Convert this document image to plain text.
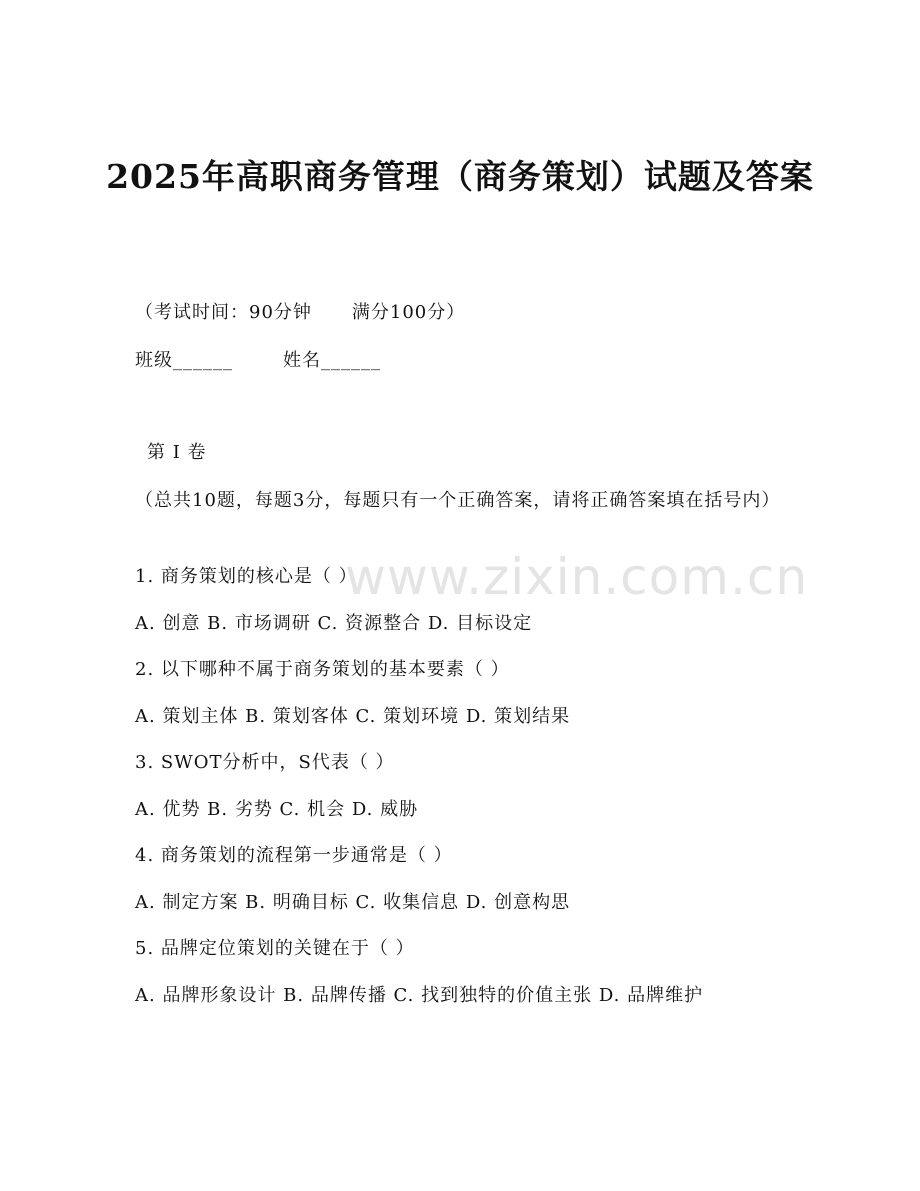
2025年高职商务管理（商务策划）试题及答案
（考试时间：90分钟 满分100分）
班级______	姓名______
第 I 卷
（总共10题，每题3分，每题只有一个正确答案，请将正确答案填在括号内）
1. 商务策划的核心是（ ）
A. 创意 B. 市场调研 C. 资源整合 D. 目标设定
2. 以下哪种不属于商务策划的基本要素（ ）
A. 策划主体 B. 策划客体 C. 策划环境 D. 策划结果
3. SWOT分析中，S代表（ ）
A. 优势 B. 劣势 C. 机会 D. 威胁
4. 商务策划的流程第一步通常是（ ）
A. 制定方案 B. 明确目标 C. 收集信息 D. 创意构思
5. 品牌定位策划的关键在于（ ）
A. 品牌形象设计 B. 品牌传播 C. 找到独特的价值主张 D. 品牌维护
www.zixin.com.cn
